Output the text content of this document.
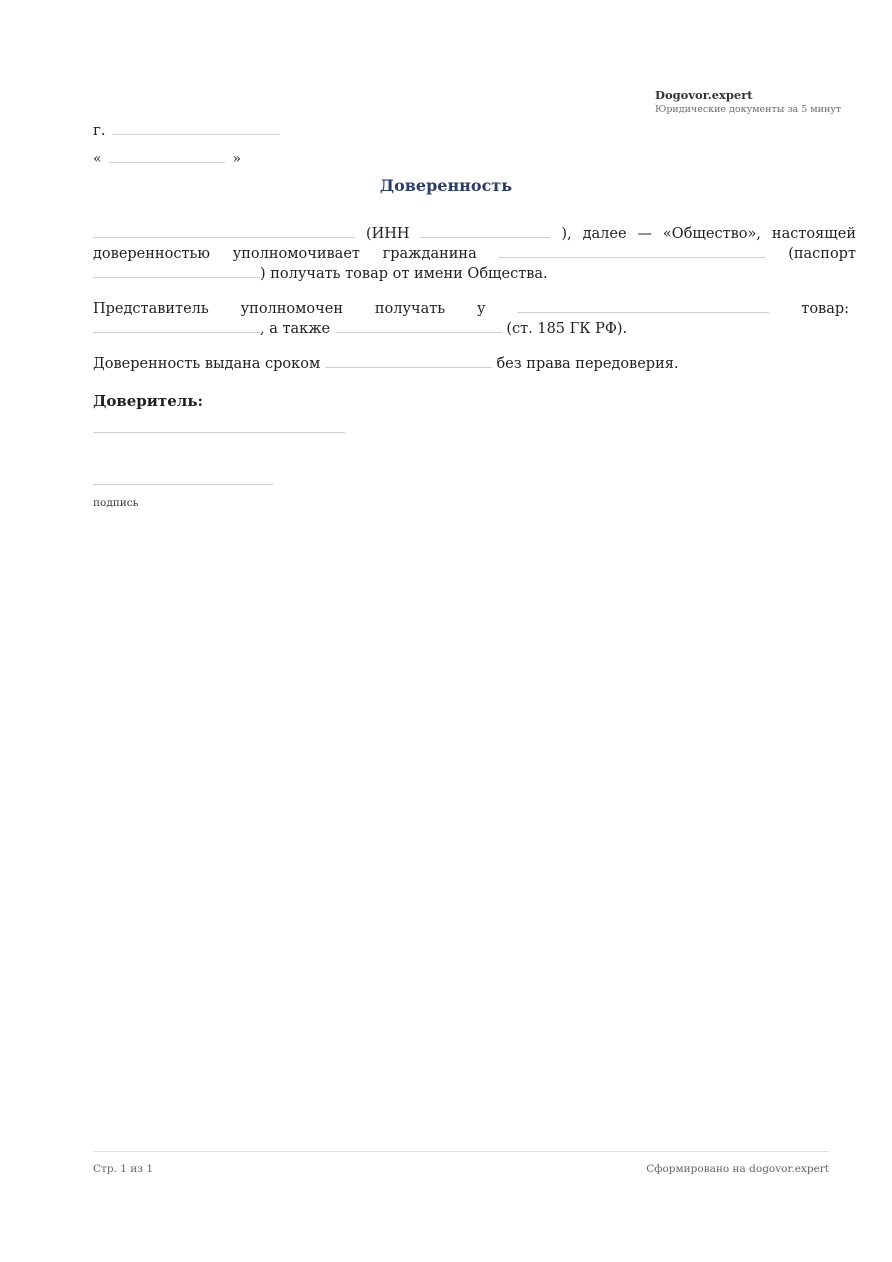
Dogovor.expert
Юридические документы за 5 минут
г.
«	»
Доверенность
(ИНН	), далее — «Общество», настоящей доверенностью уполномочивает гражданина	(паспорт ) получать товар от имени Общества.
Представитель уполномочен получать у	товар: , а также	(ст. 185 ГК РФ).
Доверенность выдана сроком	без права передоверия.
Доверитель:
подпись
Стр. 1 из 1	Сформировано на dogovor.expert
